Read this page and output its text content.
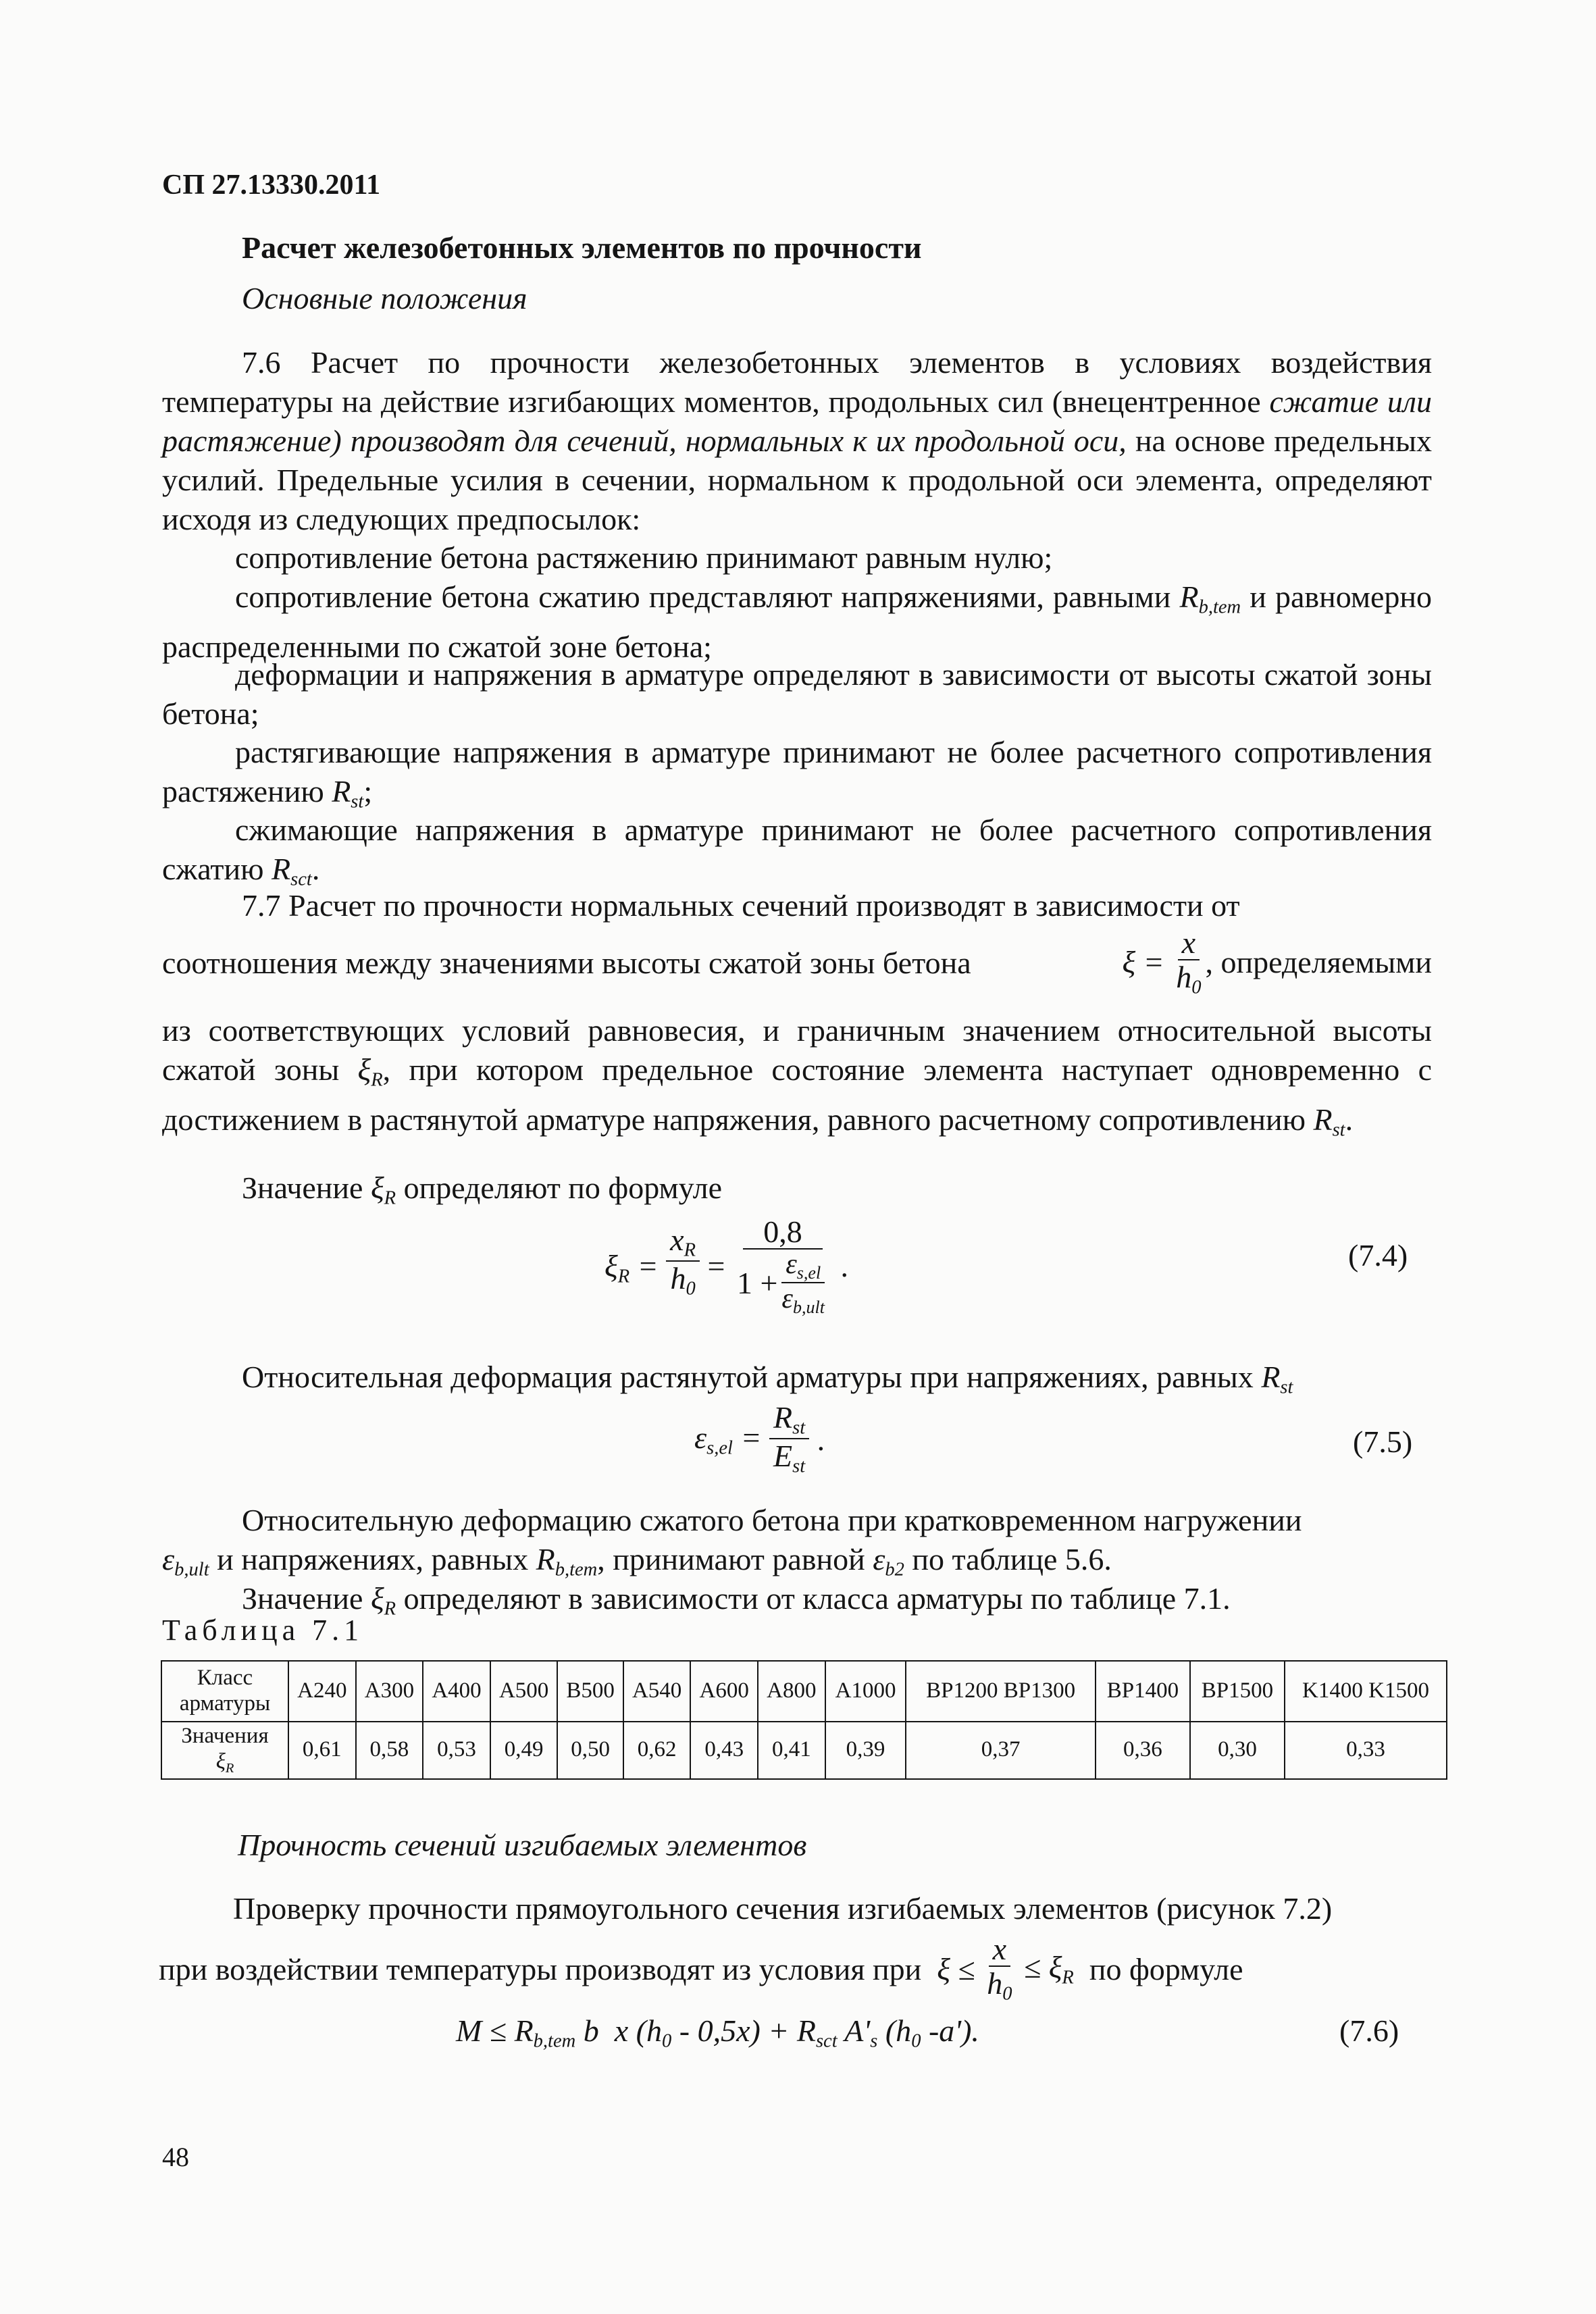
СП 27.13330.2011
Расчет железобетонных элементов по прочности
Основные положения
7.6 Расчет по прочности железобетонных элементов в условиях воздействия температуры на действие изгибающих моментов, продольных сил (внецентренное сжатие или растяжение) производят для сечений, нормальных к их продольной оси, на основе предельных усилий. Предельные усилия в сечении, нормальном к продольной оси элемента, определяют исходя из следующих предпосылок:
сопротивление бетона растяжению принимают равным нулю;
сопротивление бетона сжатию представляют напряжениями, равными $R_{b,tem}$ и равномерно распределенными по сжатой зоне бетона;
деформации и напряжения в арматуре определяют в зависимости от высоты сжатой зоны бетона;
растягивающие напряжения в арматуре принимают не более расчетного сопротивления растяжению $R_{st}$;
сжимающие напряжения в арматуре принимают не более расчетного сопротивления сжатию $R_{sct}$.
7.7 Расчет по прочности нормальных сечений производят в зависимости от
соотношения между значениями высоты сжатой зоны бетона	$\xi = \frac{x}{h_0}$ , определяемыми
из соответствующих условий равновесия, и граничным значением относительной высоты сжатой зоны $\xi_R$, при котором предельное состояние элемента наступает одновременно с достижением в растянутой арматуре напряжения, равного расчетному сопротивлению $R_{st}$.
Значение $\xi_R$ определяют по формуле
$\xi_R = \frac{x_R}{h_0} = \frac{0,8}{1 + \frac{\varepsilon_{s,el}}{\varepsilon_{b,ult}}}$ .	(7.4)
Относительная деформация растянутой арматуры при напряжениях, равных $R_{st}$
$\varepsilon_{s,el} = \frac{R_{st}}{E_{st}}$ .	(7.5)
Относительную деформацию сжатого бетона при кратковременном нагружении
$\varepsilon_{b,ult}$ и напряжениях, равных $R_{b,tem}$, принимают равной $\varepsilon_{b2}$ по таблице 5.6.
Значение $\xi_R$ определяют в зависимости от класса арматуры по таблице 7.1.
Таблица 7.1
Класс арматуры	A240	A300	A400	A500	B500	A540	A600	A800	A1000	BP1200 BP1300	BP1400	BP1500	K1400 K1500
Значения
$\xi_R$	0,61	0,58	0,53	0,49	0,50	0,62	0,43	0,41	0,39	0,37	0,36	0,30	0,33
Прочность сечений изгибаемых элементов
Проверку прочности прямоугольного сечения изгибаемых элементов (рисунок 7.2)
при воздействии температуры производят из условия при $\xi \le \frac{x}{h_0} \le \xi_R$ по формуле
$M \le R_{b,tem}$ b  x $(h_0 - 0,5x) + R_{sct}$ $A'_s$ ($h_0$ -a').	(7.6)
48
